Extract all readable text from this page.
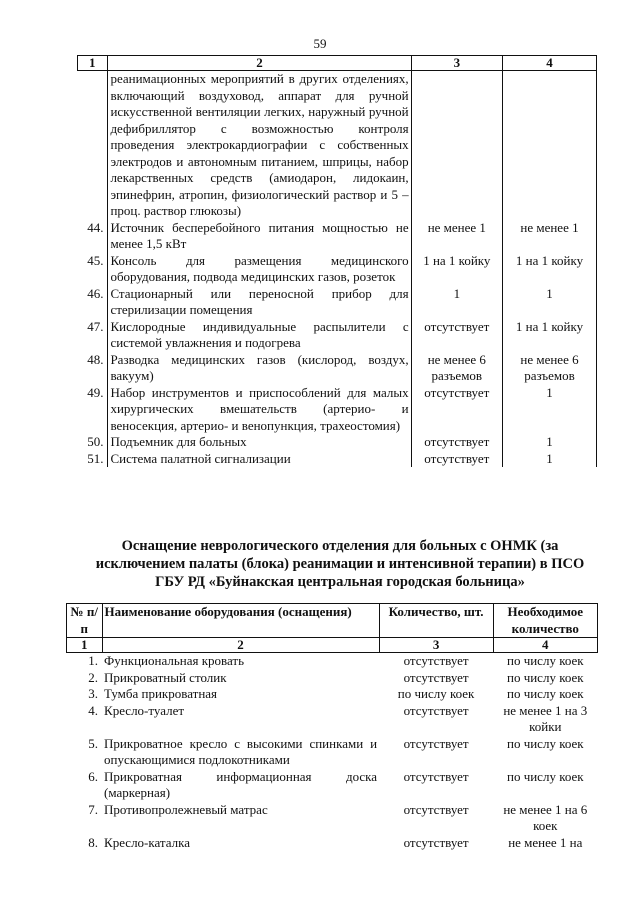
59
1	2	3	4
	реанимационных мероприятий в других отделениях, включающий воздуховод, аппарат для ручной искусственной вентиляции легких, наружный ручной дефибриллятор с возможностью контроля проведения электрокардиографии с собственных электродов и автономным питанием, шприцы, набор лекарственных средств (амиодарон, лидокаин, эпинефрин, атропин, физиологический раствор и 5 – проц. раствор глюкозы)		
44.	Источник бесперебойного питания мощностью не менее 1,5 кВт	не менее 1	не менее 1
45.	Консоль для размещения медицинского оборудования, подвода медицинских газов, розеток	1 на 1 койку	1 на 1 койку
46.	Стационарный или переносной прибор для стерилизации помещения	1	1
47.	Кислородные индивидуальные распылители с системой увлажнения и подогрева	отсутствует	1 на 1 койку
48.	Разводка медицинских газов (кислород, воздух, вакуум)	не менее 6 разъемов	не менее 6 разъемов
49.	Набор инструментов и приспособлений для малых хирургических вмешательств (артерио- и веносекция, артерио- и венопункция, трахеостомия)	отсутствует	1
50.	Подъемник для больных	отсутствует	1
51.	Система палатной сигнализации	отсутствует	1
Оснащение неврологического отделения для больных с ОНМК (за исключением палаты (блока) реанимации и интенсивной терапии) в ПСО ГБУ РД «Буйнакская центральная городская больница»
№ п/п	Наименование оборудования (оснащения)	Количество, шт.	Необходимое количество
1	2	3	4
1.	Функциональная кровать	отсутствует	по числу коек
2.	Прикроватный столик	отсутствует	по числу коек
3.	Тумба прикроватная	по числу коек	по числу коек
4.	Кресло-туалет	отсутствует	не менее 1 на 3 койки
5.	Прикроватное кресло с высокими спинками и опускающимися подлокотниками	отсутствует	по числу коек
6.	Прикроватная информационная доска (маркерная)	отсутствует	по числу коек
7.	Противопролежневый матрас	отсутствует	не менее 1 на 6 коек
8.	Кресло-каталка	отсутствует	не менее 1 на
